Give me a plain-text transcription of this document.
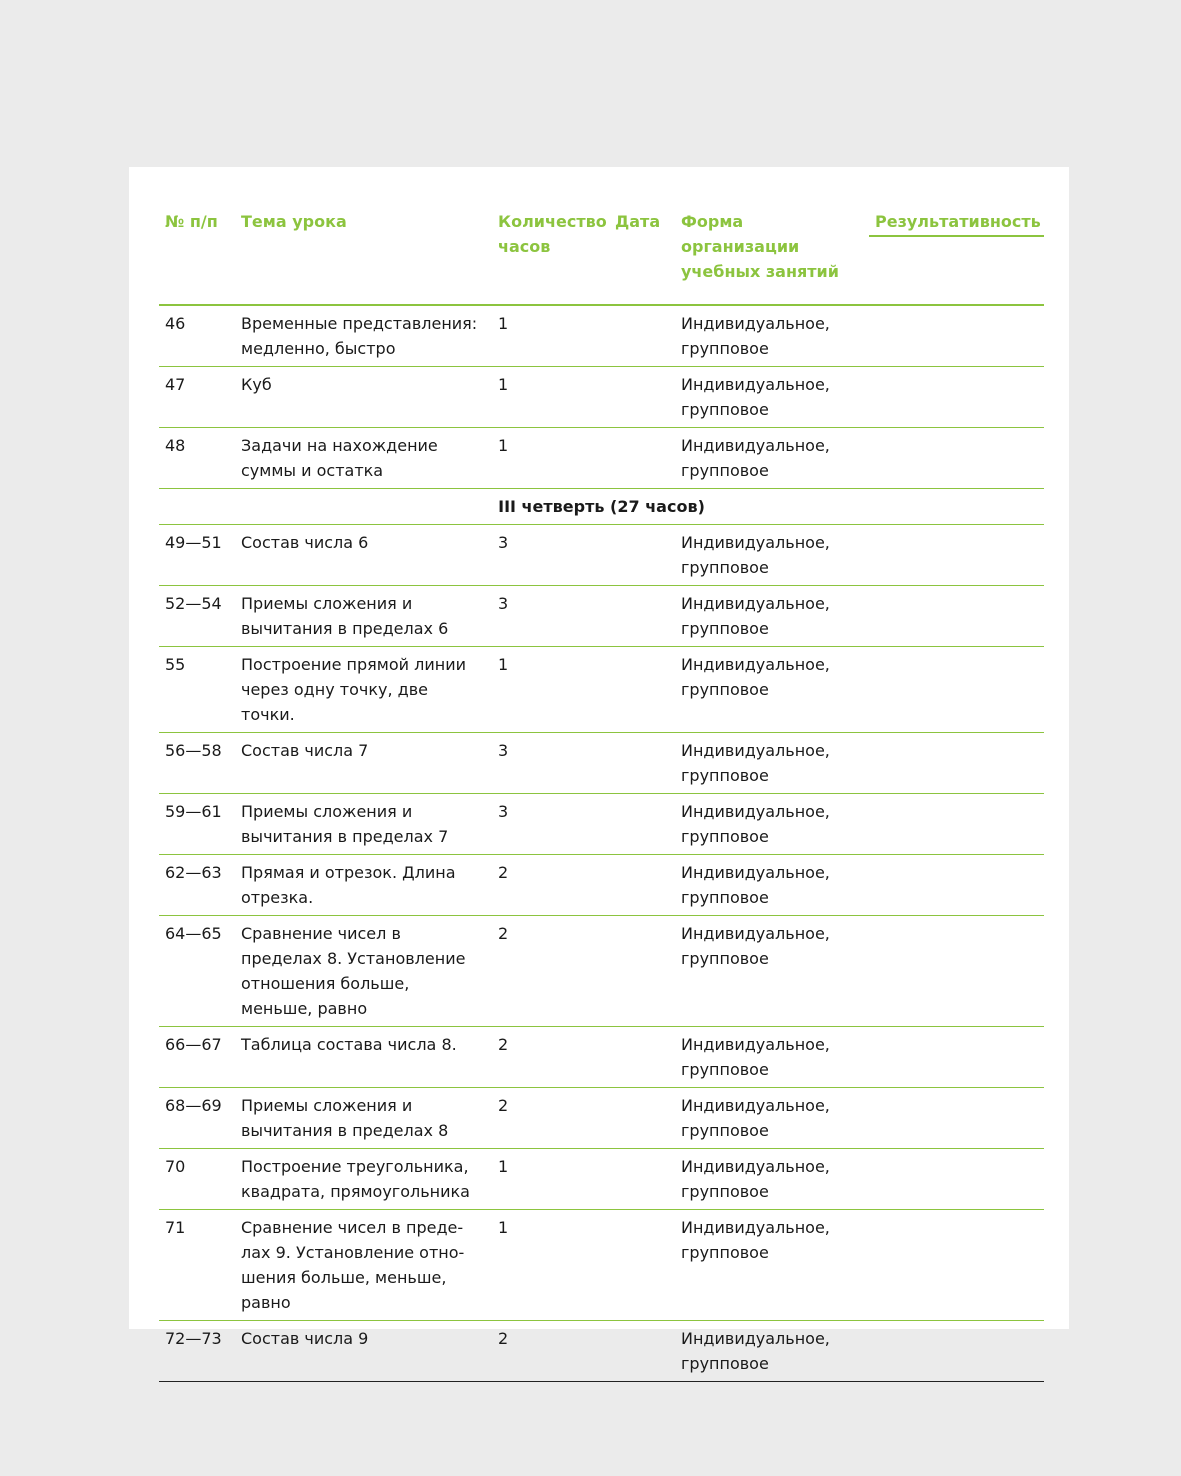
№ п/п	Тема урока	Количество часов	Дата	Форма организации учебных занятий	Результативность

46	Временные представления: медленно, быстро	1		Индивидуальное, групповое	
47	Куб	1		Индивидуальное, групповое	
48	Задачи на нахождение суммы и остатка	1		Индивидуальное, групповое	
III четверть (27 часов)					
49—51	Состав числа 6	3		Индивидуальное, групповое	
52—54	Приемы сложения и вычитания в пределах 6	3		Индивидуальное, групповое	
55	Построение прямой линии через одну точку, две точки.	1		Индивидуальное, групповое	
56—58	Состав числа 7	3		Индивидуальное, групповое	
59—61	Приемы сложения и вычитания в пределах 7	3		Индивидуальное, групповое	
62—63	Прямая и отрезок. Длина отрезка.	2		Индивидуальное, групповое	
64—65	Сравнение чисел в пределах 8. Установление отношения больше, меньше, равно	2		Индивидуальное, групповое	
66—67	Таблица состава числа 8.	2		Индивидуальное, групповое	
68—69	Приемы сложения и вычитания в пределах 8	2		Индивидуальное, групповое	
70	Построение треугольника, квадрата, прямоугольника	1		Индивидуальное, групповое	
71	Сравнение чисел в пределах 9. Установление отношения больше, меньше, равно	1		Индивидуальное, групповое	
72—73	Состав числа 9	2		Индивидуальное, групповое	
